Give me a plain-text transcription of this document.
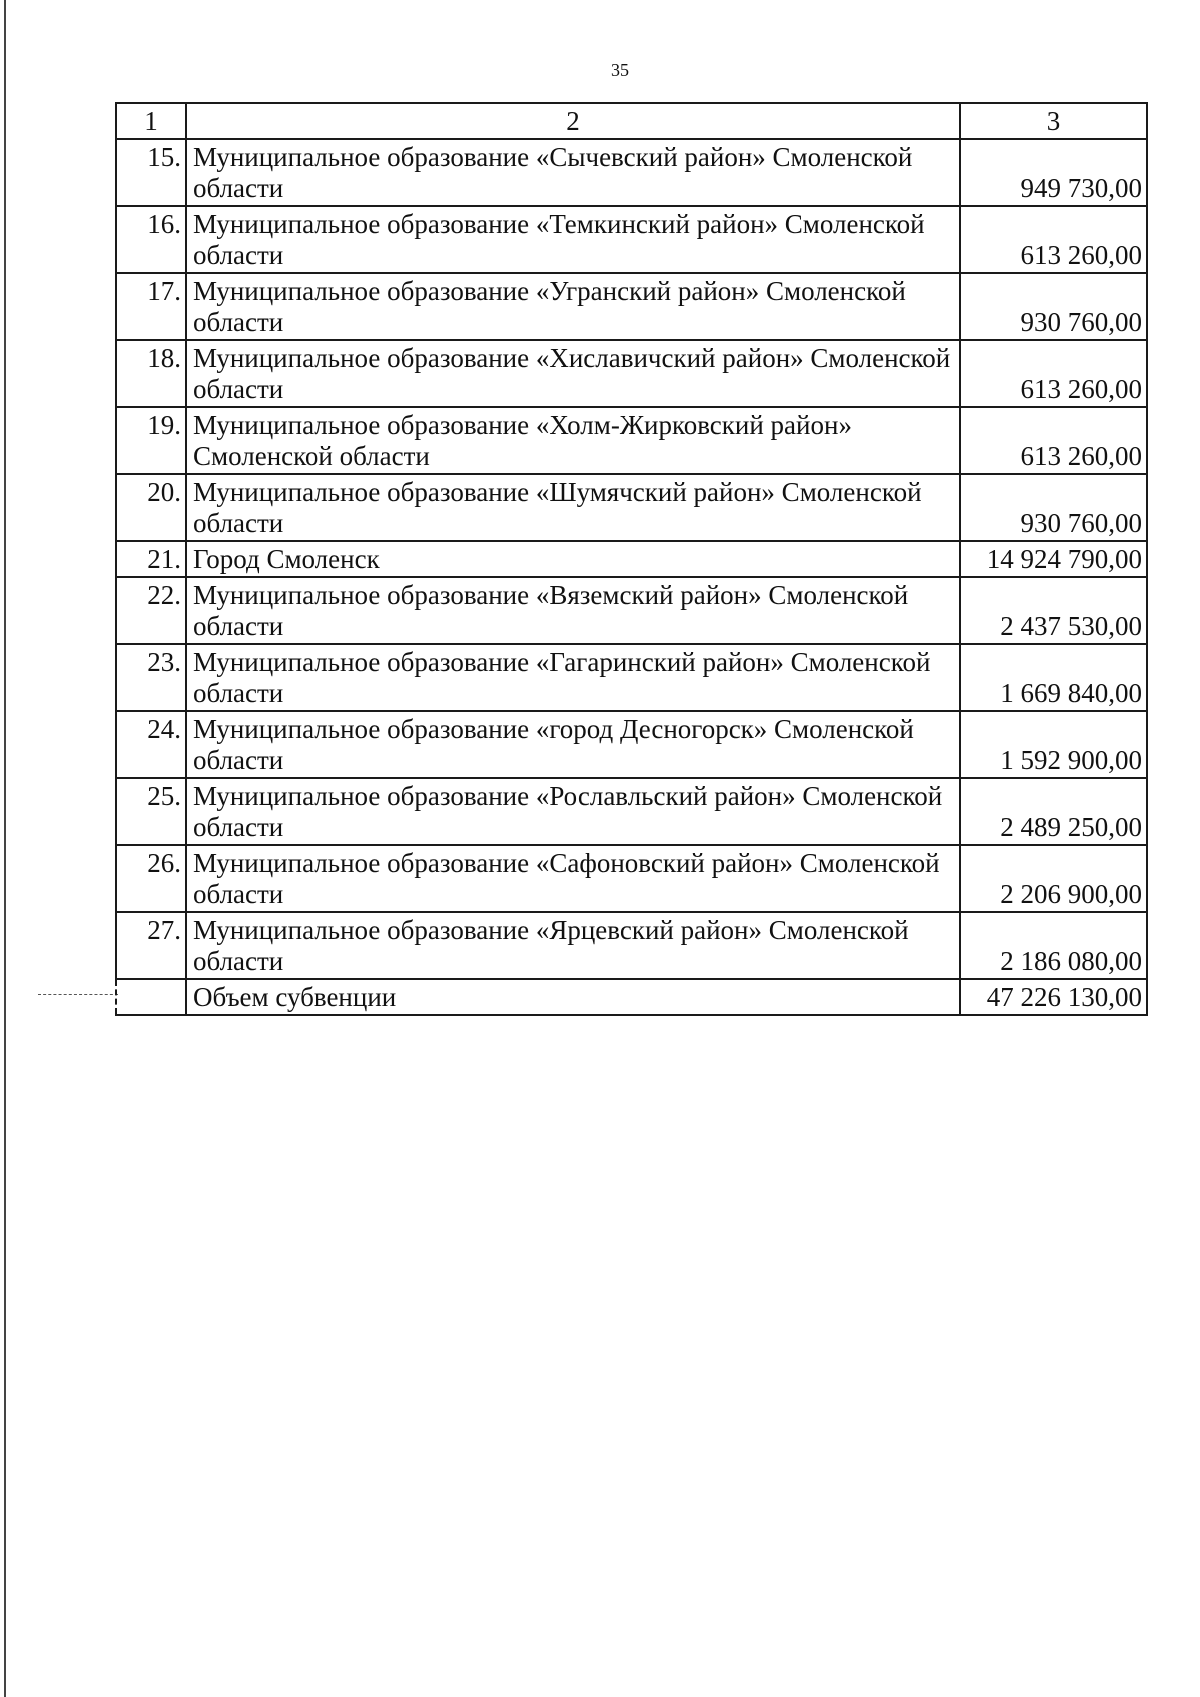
35
1	2	3
15.	Муниципальное образование «Сычевский район» Смоленской области	949 730,00
16.	Муниципальное образование «Темкинский район» Смоленской области	613 260,00
17.	Муниципальное образование «Угранский район» Смоленской области	930 760,00
18.	Муниципальное образование «Хиславичский район» Смоленской области	613 260,00
19.	Муниципальное образование «Холм-Жирковский район» Смоленской области	613 260,00
20.	Муниципальное образование «Шумячский район» Смоленской области	930 760,00
21.	Город Смоленск	14 924 790,00
22.	Муниципальное образование «Вяземский район» Смоленской области	2 437 530,00
23.	Муниципальное образование «Гагаринский район» Смоленской области	1 669 840,00
24.	Муниципальное образование «город Десногорск» Смоленской области	1 592 900,00
25.	Муниципальное образование «Рославльский район» Смоленской области	2 489 250,00
26.	Муниципальное образование «Сафоновский район» Смоленской области	2 206 900,00
27.	Муниципальное образование «Ярцевский район» Смоленской области	2 186 080,00
	Объем субвенции	47 226 130,00
